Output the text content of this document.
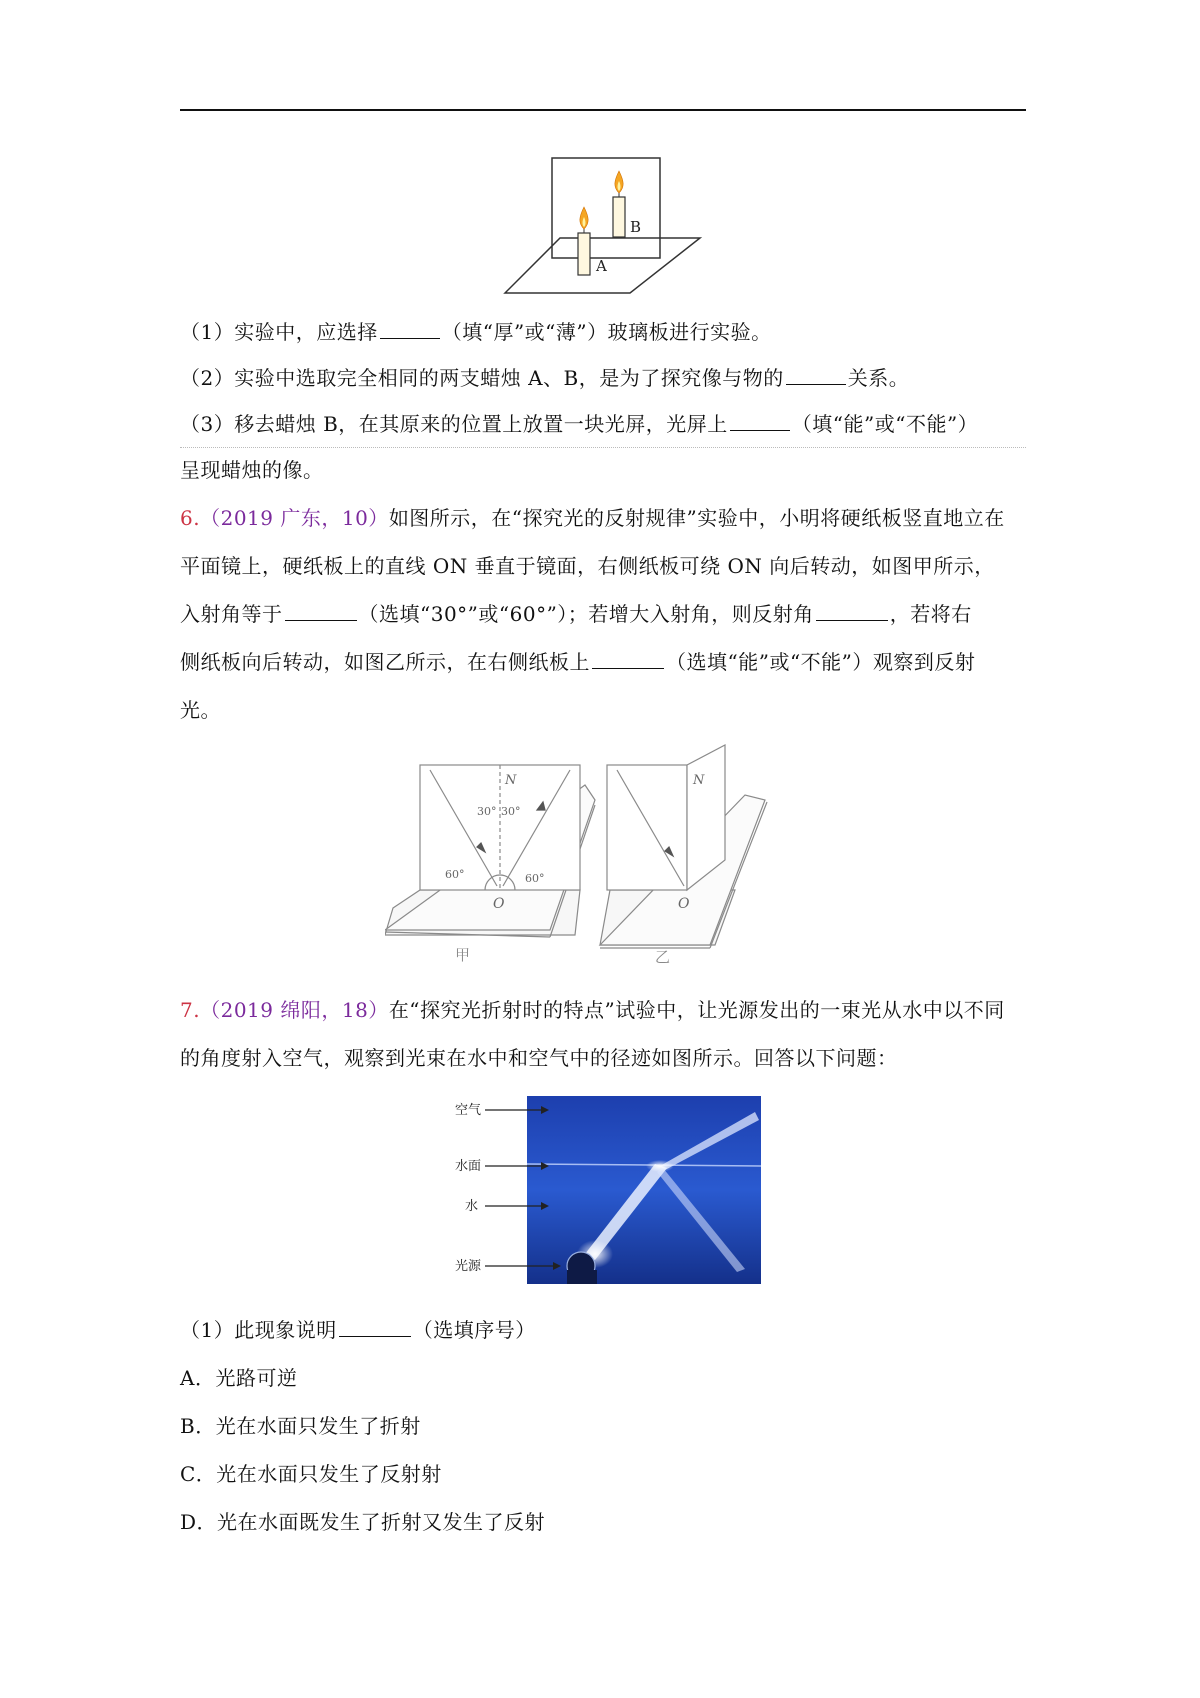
B
A
（1）实验中，应选择	（填“厚”或“薄”）玻璃板进行实验。
（2）实验中选取完全相同的两支蜡烛 A、B，是为了探究像与物的	关系。
（3）移去蜡烛 B，在其原来的位置上放置一块光屏，光屏上	（填“能”或“不能”）
呈现蜡烛的像。
6.（2019 广东，10）如图所示，在“探究光的反射规律”实验中，小明将硬纸板竖直地立在
平面镜上，硬纸板上的直线 ON 垂直于镜面，右侧纸板可绕 ON 向后转动，如图甲所示，
入射角等于	（选填“30°”或“60°”）；若增大入射角，则反射角	，若将右
侧纸板向后转动，如图乙所示，在右侧纸板上	（选填“能”或“不能”）观察到反射
光。
N
30° 30°
60°	60°
O
N
O
甲	乙
7.（2019 绵阳，18）在“探究光折射时的特点”试验中，让光源发出的一束光从水中以不同
的角度射入空气，观察到光束在水中和空气中的径迹如图所示。回答以下问题：
空气
水面
水
光源
（1）此现象说明	（选填序号）
A．光路可逆
B．光在水面只发生了折射
C．光在水面只发生了反射射
D．光在水面既发生了折射又发生了反射
